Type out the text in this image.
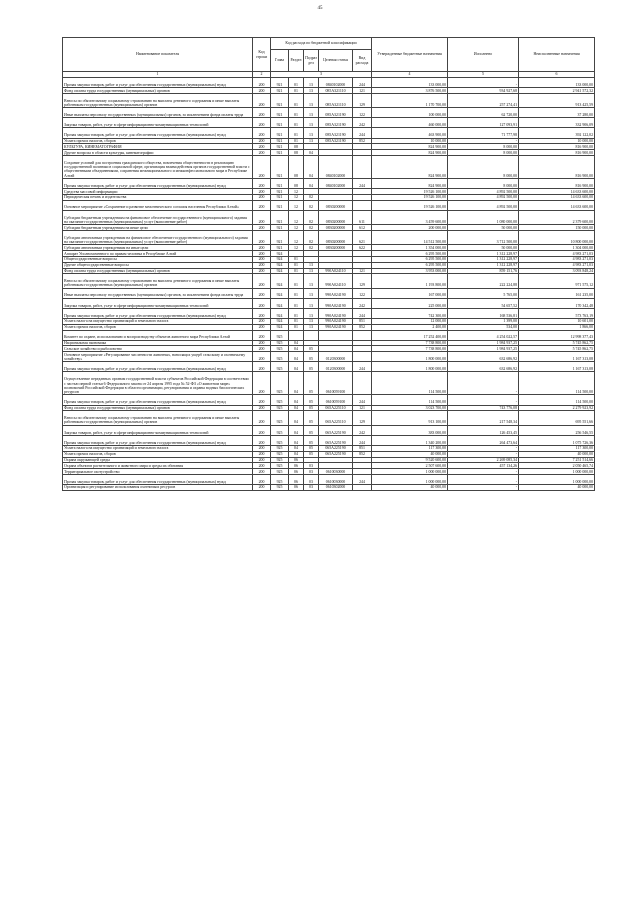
45
Наименование показателя	Код строки	Код расхода по бюджетной классификации					Утвержденные бюджетные назначения	Исполнено	Неисполненные назначения
		Глава	Раздел	Подраз дел	Целевая статья	Вид расхода			
1	2	3					4	5	6
Прочая закупка товаров, работ и услуг для обеспечения государственных (муниципальных) нужд	200	921	01	13	0840102000	244	133 000,00	-	133 000,00
Фонд оплаты труда государственных (муниципальных) органов	200	921	01	13	085A321110	121	3 876 500,00	934 927,68	2 941 572,32
Взносы по обязательному социальному страхованию на выплаты денежного содержания и иные выплаты работникам государственных (муниципальных) органов	200	921	01	13	085A321110	129	1 170 700,00	257 274,41	913 425,59
Иные выплаты персоналу государственных (муниципальных) органов, за исключением фонда оплаты труда	200	921	01	13	085A321190	122	100 000,00	62 720,00	37 280,00
Закупка товаров, работ, услуг в сфере информационно-коммуникационных технологий	200	921	01	13	085A321190	242	460 000,00	127 093,91	332 906,09
Прочая закупка товаров, работ и услуг для обеспечения государственных (муниципальных) нужд	200	921	01	13	085A321190	244	463 900,00	71 777,98	392 122,02
Уплата прочих налогов, сборов	200	921	01	13	085A321190	852	10 000,00	-	10 000,00
КУЛЬТУРА, КИНЕМАТОГРАФИЯ	200	921	08				824 900,00	8 000,00	816 900,00
Другие вопросы в области культуры, кинематографии	200	921	08	04			824 900,00	8 000,00	816 900,00
Создание условий для построения гражданского общества, вовлечения общественности в реализацию государственной политики в социальной сфере, организация взаимодействия органов государственной власти с общественными объединениями, сохранения межнационального и межконфессионального мира в Республике Алтай	200	921	08	04	0840102000		824 900,00	8 000,00	816 900,00
Прочая закупка товаров, работ и услуг для обеспечения государственных (муниципальных) нужд	200	921	08	04	0840102000	244	824 900,00	8 000,00	816 900,00
Средства массовой информации	200	921	12				19 526 100,00	4 892 500,00	14 633 600,00
Периодическая печать и издательства	200	921	12	02			19 526 100,00	4 892 500,00	14 633 600,00
Основное мероприятие «Сохранение и развитие межэтнического согласия населения Республики Алтай»	200	921	12	02	0830200000		19 526 100,00	4 892 500,00	14 633 600,00
Субсидии бюджетным учреждениям на финансовое обеспечение государственного (муниципального) задания на оказание государственных (муниципальных) услуг (выполнение работ)	200	921	12	02	0830200000	611	3 459 600,00	1 080 000,00	2 379 600,00
Субсидии бюджетным учреждениям на иные цели	200	921	12	02	0830200000	612	200 000,00	50 000,00	150 000,00
Субсидии автономным учреждениям на финансовое обеспечение государственного (муниципального) задания на оказание государственных (муниципальных) услуг (выполнение работ)	200	921	12	02	0830200000	621	14 512 500,00	3 712 500,00	10 800 000,00
Субсидии автономным учреждениям на иные цели	200	921	12	02	0830200000	622	1 354 000,00	50 000,00	1 304 000,00
Аппарат Уполномоченного по правам человека в Республике Алтай	200	924					6 295 500,00	1 312 228,97	4 983 271,03
Общегосударственные вопросы	200	924	01				6 295 500,00	1 312 228,97	4 983 271,03
Другие общегосударственные вопросы	200	924	01	13			6 295 500,00	1 312 228,97	4 983 271,03
Фонд оплаты труда государственных (муниципальных) органов	200	924	01	13	990A024110	121	3 953 000,00	859 151,76	3 093 848,24
Взносы по обязательному социальному страхованию на выплаты денежного содержания и иные выплаты работникам государственных (муниципальных) органов	200	924	01	13	990A024110	129	1 193 800,00	222 224,88	971 575,12
Иные выплаты персоналу государственных (муниципальных) органов, за исключением фонда оплаты труда	200	924	01	13	990A024190	122	167 000,00	5 765,00	161 235,00
Закупка товаров, работ, услуг в сфере информационно-коммуникационных технологий	200	924	01	13	990A024190	242	225 000,00	54 657,52	170 342,48
Прочая закупка товаров, работ и услуг для обеспечения государственных (муниципальных) нужд	200	924	01	13	990A024190	244	742 300,00	168 536,81	573 763,19
Уплата налога на имущество организаций и земельного налога	200	924	01	13	990A024190	851	12 000,00	1 399,00	10 601,00
Уплата прочих налогов, сборов	200	924	01	13	990A024190	852	2 400,00	534,00	1 866,00
Комитет по охране, использованию и воспроизводству объектов животного мира Республики Алтай	200	925					17 252 400,00	4 254 022,57	12 998 377,43
Национальная экономика	200	925	04				7 738 800,00	1 984 937,25	5 745 862,75
Сельское хозяйство и рыболовство	200	925	04	05			7 738 800,00	1 984 937,25	5 745 862,75
Основное мероприятие «Регулирование численности животных, наносящих ущерб сельскому и охотничьему хозяйству»	200	925	04	05	0120300000		1 800 000,00	632 686,92	1 167 313,08
Прочая закупка товаров, работ и услуг для обеспечения государственных (муниципальных) нужд	200	925	04	05	0120300000	244	1 800 000,00	632 686,92	1 167 313,08
Осуществление переданных органам государственной власти субъектов Российской Федерации в соответствии с частью первой статьи 6 Федерального закона от 24 апреля 1995 года № 52-ФЗ «О животном мире» полномочий Российской Федерации в области организации, регулирования и охраны водных биологических ресурсов	200	925	04	05	0610059100		114 500,00	-	114 500,00
Прочая закупка товаров, работ и услуг для обеспечения государственных (муниципальных) нужд	200	925	04	05	0610059100	244	114 500,00	-	114 500,00
Фонд оплаты труда государственных (муниципальных) органов	200	925	04	05	065A225110	121	3 023 700,00	743 776,08	2 279 923,92
Взносы по обязательному социальному страхованию на выплаты денежного содержания и иные выплаты работникам государственных (муниципальных) органов	200	925	04	05	065A225110	129	913 100,00	217 548,34	695 551,66
Закупка товаров, работ, услуг в сфере информационно-коммуникационных технологий	200	925	04	05	065A225190	242	383 000,00	126 453,45	256 546,55
Прочая закупка товаров, работ и услуг для обеспечения государственных (муниципальных) нужд	200	925	04	05	065A225190	244	1 340 200,00	264 473,64	1 075 726,36
Уплата налога на имущество организаций и земельного налога	200	925	04	05	065A225190	851	117 300,00	-	117 300,00
Уплата прочих налогов, сборов	200	925	04	05	065A225190	852	40 000,00	-	40 000,00
Охрана окружающей среды	200	925	06				9 520 600,00	2 269 085,34	7 251 514,66
Охрана объектов растительного и животного мира и среды их обитания	200	925	06	03			2 507 600,00	457 134,26	2 050 465,74
Территориальное охотустройство	200	925	06	03	0610030000		1 000 000,00	-	1 000 000,00
Прочая закупка товаров, работ и услуг для обеспечения государственных (муниципальных) нужд	200	925	06	03	0610030000	244	1 000 000,00	-	1 000 000,00
Организация и регулирование использования охотничьих ресурсов	200	925	06	03	0610302000		40 000,00	-	40 000,00
